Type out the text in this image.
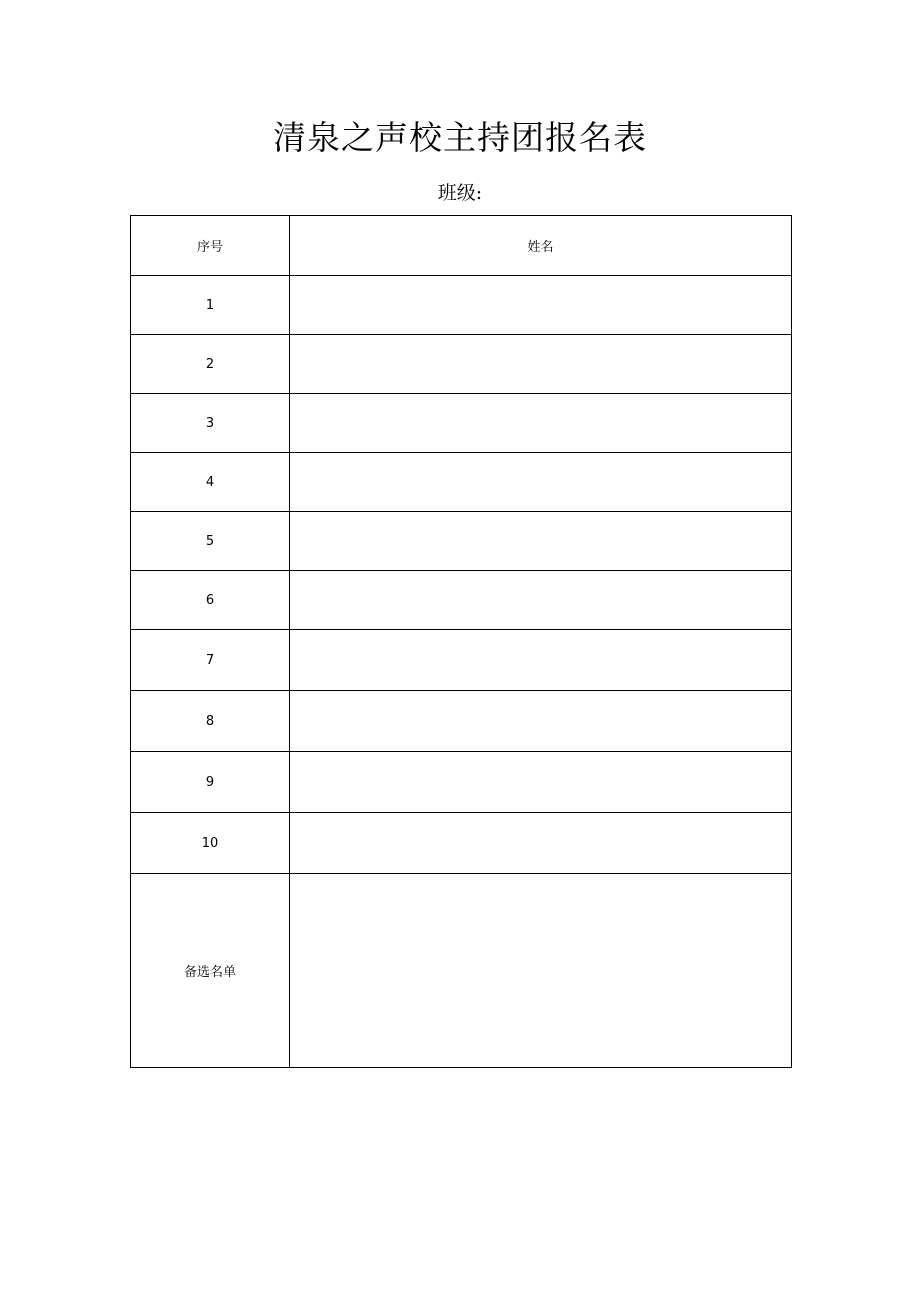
清泉之声校主持团报名表
班级:
序号	姓名
1	
2	
3	
4	
5	
6	
7	
8	
9	
10	
备选名单	
